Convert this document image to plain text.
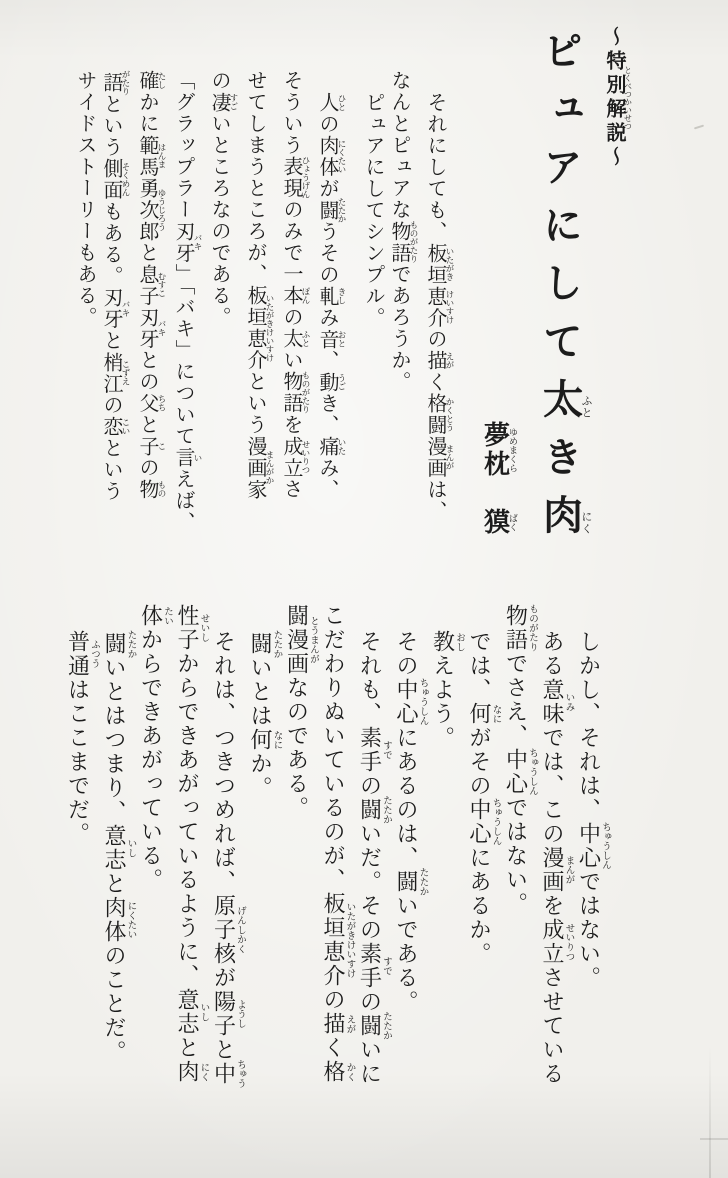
～特別解説とくべつかいせつ～
ピュアにして太ふとき肉にく
夢枕ゆめまくら　獏ばく
それにしても、板垣 いたがき恵介 けいすけの描 えがく格闘 かくとう漫画 まんがは、
なんとピュアな物語 ものがたりであろうか。
ピュアにしてシンプル。
人 ひとの肉体 にくたいが闘 たたかうその軋 きしみ音 おと、動 うごき、痛 いたみ、
そういう表現 ひょうげんのみで一本 ぽんの太 ふとい物語 ものがたりを成立 せいりつさ
せてしまうところが、板垣恵介 いたがきけいすけという漫画家 まんがか
の凄 すごいところなのである。
「グラップラー刃牙 バキ」「バキ」について言 いえば、
確 たしかに範馬 はんま勇次郎 ゆうじろうと息子 むすこ刃牙 バキとの父 ちちと子 この物 もの
語 がたりという側面 そくめんもある。刃牙 バキと梢江 こずえの恋 こいという
サイドストーリーもある。
しかし、それは、中心ちゅうしんではない。
ある意味いみでは、この漫画まんがを成立せいりつさせている
物語ものがたりでさえ、中心ちゅうしんではない。
では、何なにがその中心ちゅうしんにあるか。
教おしえよう。
その中心ちゅうしんにあるのは、闘たたかいである。
それも、素手すでの闘たたかいだ。その素手すでの闘たたかいに
こだわりぬいているのが、板垣恵介いたがきけいすけの描えがく格かく
闘漫画とうまんがなのである。
闘たたかいとは何なにか。
それは、つきつめれば、原子核げんしかくが陽子ようしと中ちゅう
性子せいしからできあがっているように、意志いしと肉にく
体たいからできあがっている。
闘たたかいとはつまり、意志いしと肉体にくたいのことだ。
普通ふつうはここまでだ。
